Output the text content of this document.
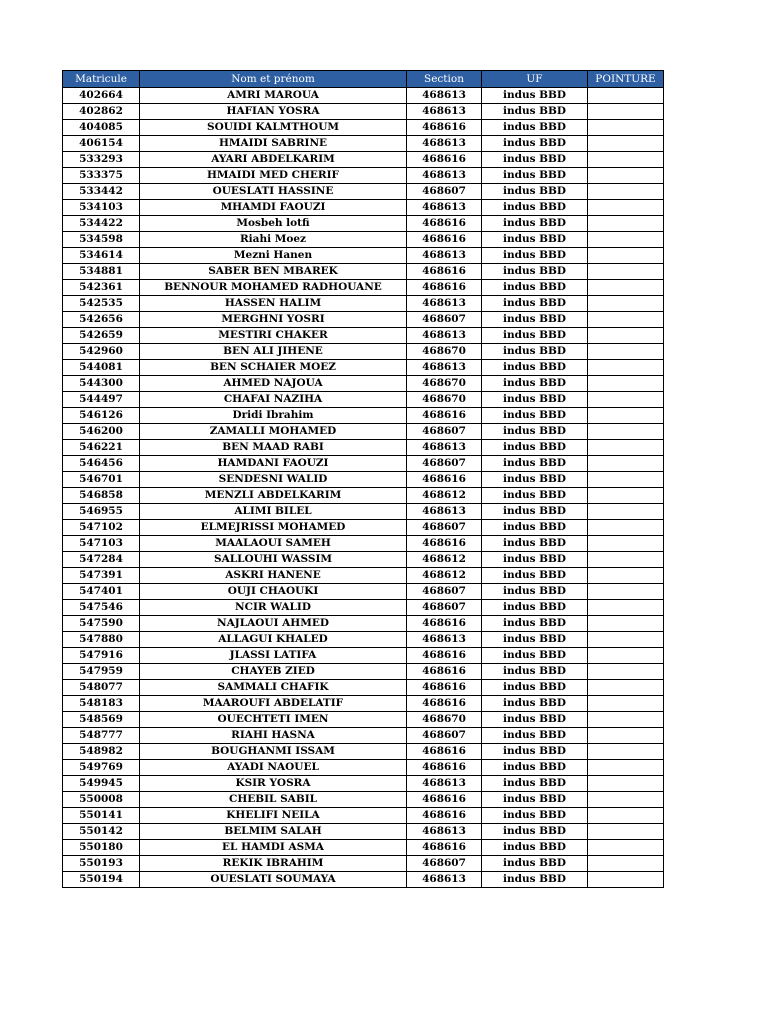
Matricule	Nom et prénom	Section	UF	POINTURE
402664	AMRI MAROUA	468613	indus BBD	
402862	HAFIAN YOSRA	468613	indus BBD	
404085	SOUIDI KALMTHOUM	468616	indus BBD	
406154	HMAIDI SABRINE	468613	indus BBD	
533293	AYARI ABDELKARIM	468616	indus BBD	
533375	HMAIDI MED CHERIF	468613	indus BBD	
533442	OUESLATI HASSINE	468607	indus BBD	
534103	MHAMDI FAOUZI	468613	indus BBD	
534422	Mosbeh lotfi	468616	indus BBD	
534598	Riahi Moez	468616	indus BBD	
534614	Mezni Hanen	468613	indus BBD	
534881	SABER BEN MBAREK	468616	indus BBD	
542361	BENNOUR MOHAMED RADHOUANE	468616	indus BBD	
542535	HASSEN HALIM	468613	indus BBD	
542656	MERGHNI YOSRI	468607	indus BBD	
542659	MESTIRI CHAKER	468613	indus BBD	
542960	BEN ALI JIHENE	468670	indus BBD	
544081	BEN SCHAIER MOEZ	468613	indus BBD	
544300	AHMED NAJOUA	468670	indus BBD	
544497	CHAFAI NAZIHA	468670	indus BBD	
546126	Dridi Ibrahim	468616	indus BBD	
546200	ZAMALLI MOHAMED	468607	indus BBD	
546221	BEN MAAD RABI	468613	indus BBD	
546456	HAMDANI FAOUZI	468607	indus BBD	
546701	SENDESNI WALID	468616	indus BBD	
546858	MENZLI ABDELKARIM	468612	indus BBD	
546955	ALIMI BILEL	468613	indus BBD	
547102	ELMEJRISSI MOHAMED	468607	indus BBD	
547103	MAALAOUI SAMEH	468616	indus BBD	
547284	SALLOUHI WASSIM	468612	indus BBD	
547391	ASKRI HANENE	468612	indus BBD	
547401	OUJI CHAOUKI	468607	indus BBD	
547546	NCIR WALID	468607	indus BBD	
547590	NAJLAOUI AHMED	468616	indus BBD	
547880	ALLAGUI KHALED	468613	indus BBD	
547916	JLASSI LATIFA	468616	indus BBD	
547959	CHAYEB ZIED	468616	indus BBD	
548077	SAMMALI CHAFIK	468616	indus BBD	
548183	MAAROUFI ABDELATIF	468616	indus BBD	
548569	OUECHTETI IMEN	468670	indus BBD	
548777	RIAHI HASNA	468607	indus BBD	
548982	BOUGHANMI ISSAM	468616	indus BBD	
549769	AYADI NAOUEL	468616	indus BBD	
549945	KSIR YOSRA	468613	indus BBD	
550008	CHEBIL SABIL	468616	indus BBD	
550141	KHELIFI NEILA	468616	indus BBD	
550142	BELMIM SALAH	468613	indus BBD	
550180	EL HAMDI ASMA	468616	indus BBD	
550193	REKIK IBRAHIM	468607	indus BBD	
550194	OUESLATI SOUMAYA	468613	indus BBD	
